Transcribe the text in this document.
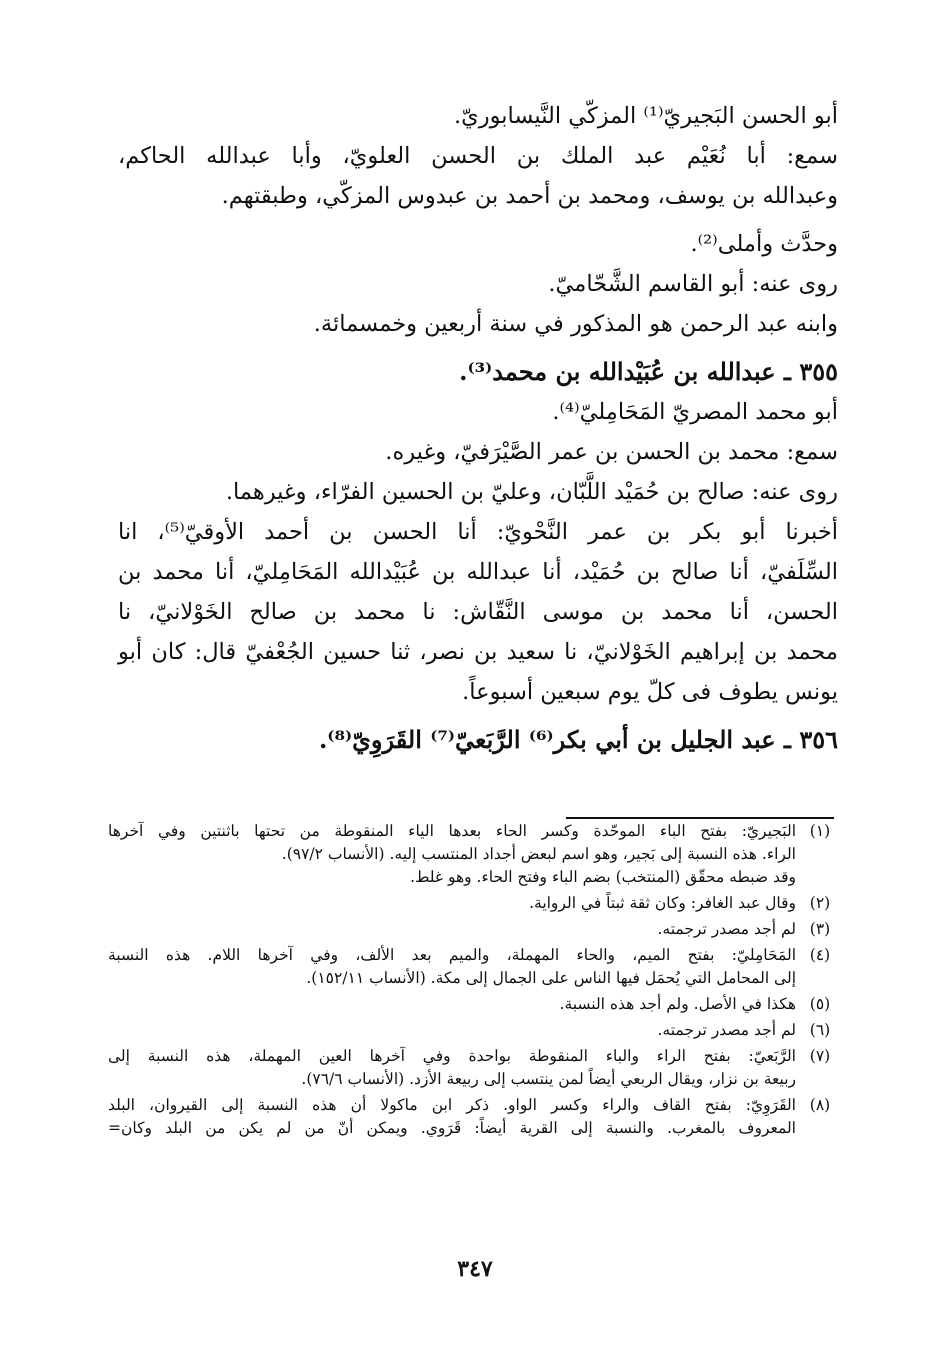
أبو الحسن البَجيريّ⁽¹⁾ المزكّي النَّيسابوريّ.
سمع: أبا نُعَيْم عبد الملك بن الحسن العلويّ، وأبا عبدالله الحاكم،
وعبدالله بن يوسف، ومحمد بن أحمد بن عبدوس المزكّي، وطبقتهم.
وحدَّث وأملى⁽²⁾.
روى عنه: أبو القاسم الشَّحّاميّ.
وابنه عبد الرحمن هو المذكور في سنة أربعين وخمسمائة.
٣٥٥ ـ عبدالله بن عُبَيْدالله بن محمد⁽³⁾.
أبو محمد المصريّ المَحَامِليّ⁽⁴⁾.
سمع: محمد بن الحسن بن عمر الصَّيْرَفيّ، وغيره.
روى عنه: صالح بن حُمَيْد اللَّبّان، وعليّ بن الحسين الفرّاء، وغيرهما.
أخبرنا أبو بكر بن عمر النَّحْويّ: أنا الحسن بن أحمد الأوقيّ⁽⁵⁾، انا
السِّلَفيّ، أنا صالح بن حُمَيْد، أنا عبدالله بن عُبَيْدالله المَحَامِليّ، أنا محمد بن
الحسن، أنا محمد بن موسى النَّقّاش: نا محمد بن صالح الخَوْلانيّ، نا
محمد بن إبراهيم الخَوْلانيّ، نا سعيد بن نصر، ثنا حسين الجُعْفيّ قال: كان أبو
يونس يطوف فى كلّ يوم سبعين أسبوعاً.
٣٥٦ ـ عبد الجليل بن أبي بكر⁽⁶⁾ الرَّبَعيّ⁽⁷⁾ القَرَوِيّ⁽⁸⁾.
(١)
البَجيريّ: بفتح الباء الموحّدة وكسر الحاء بعدها الياء المنقوطة من تحتها باثنتين وفي آخرها
الراء. هذه النسبة إلى بَجير، وهو اسم لبعض أجداد المنتسب إليه. (الأنساب ٩٧/٢).
وقد ضبطه محقّق (المنتخب) بضم الباء وفتح الحاء. وهو غلط.
(٢)
وقال عبد الغافر: وكان ثقة ثبتاً في الرواية.
(٣)
لم أجد مصدر ترجمته.
(٤)
المَحَامِليّ: بفتح الميم، والحاء المهملة، والميم بعد الألف، وفي آخرها اللام. هذه النسبة
إلى المحامل التي يُحمَل فيها الناس على الجمال إلى مكة. (الأنساب ١٥٢/١١).
(٥)
هكذا في الأصل. ولم أجد هذه النسبة.
(٦)
لم أجد مصدر ترجمته.
(٧)
الرَّبَعيّ: بفتح الراء والباء المنقوطة بواحدة وفي آخرها العين المهملة، هذه النسبة إلى
ربيعة بن نزار، ويقال الربعي أيضاً لمن ينتسب إلى ربيعة الأزد. (الأنساب ٧٦/٦).
(٨)
القَرَوِيّ: بفتح القاف والراء وكسر الواو. ذكر ابن ماكولا أن هذه النسبة إلى القيروان، البلد
المعروف بالمغرب. والنسبة إلى القرية أيضاً: قَرَوي. ويمكن أنّ من لم يكن من البلد وكان=
٣٤٧
